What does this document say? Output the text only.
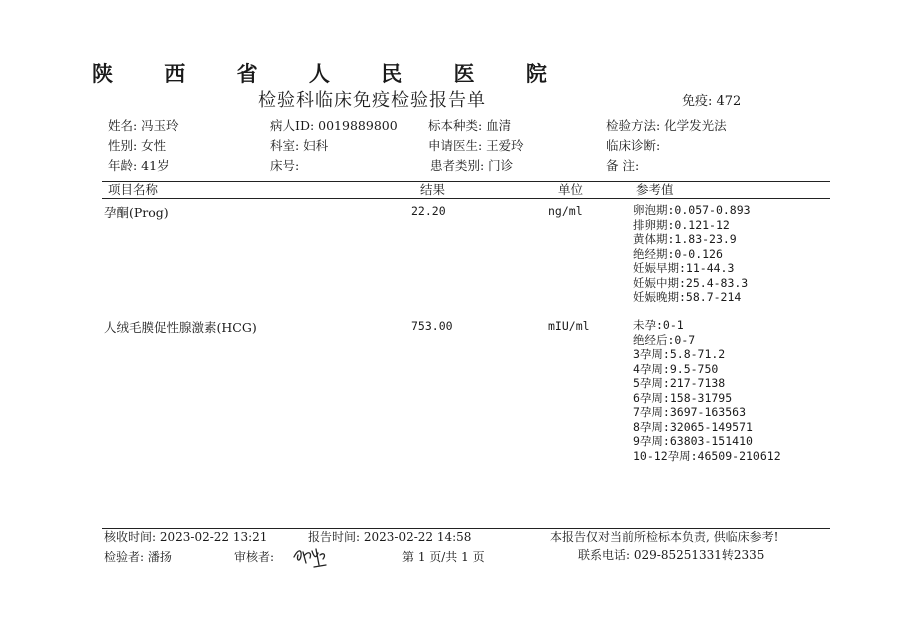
陕 西 省 人 民 医 院
检验科临床免疫检验报告单	免疫: 472
姓名: 冯玉玲	病人ID: 0019889800 标本种类: 血清	检验方法: 化学发光法
性别: 女性	科室: 妇科	申请医生: 王爱玲	临床诊断:
年龄: 41岁	床号:	患者类别: 门诊	备 注:
项目名称	结果	单位	参考值
孕酮(Prog)	22.20	ng/ml	卵泡期:0.057-0.893
排卵期:0.121-12
黄体期:1.83-23.9
绝经期:0-0.126
妊娠早期:11-44.3
妊娠中期:25.4-83.3
妊娠晚期:58.7-214
人绒毛膜促性腺激素(HCG)	753.00	mIU/ml	未孕:0-1
绝经后:0-7
3孕周:5.8-71.2
4孕周:9.5-750
5孕周:217-7138
6孕周:158-31795
7孕周:3697-163563
8孕周:32065-149571
9孕周:63803-151410
10-12孕周:46509-210612
核收时间: 2023-02-22 13:21	报告时间: 2023-02-22 14:58	本报告仅对当前所检标本负责, 供临床参考!
检验者: 潘扬	审核者:	第 1 页/共 1 页	联系电话: 029-85251331转2335
